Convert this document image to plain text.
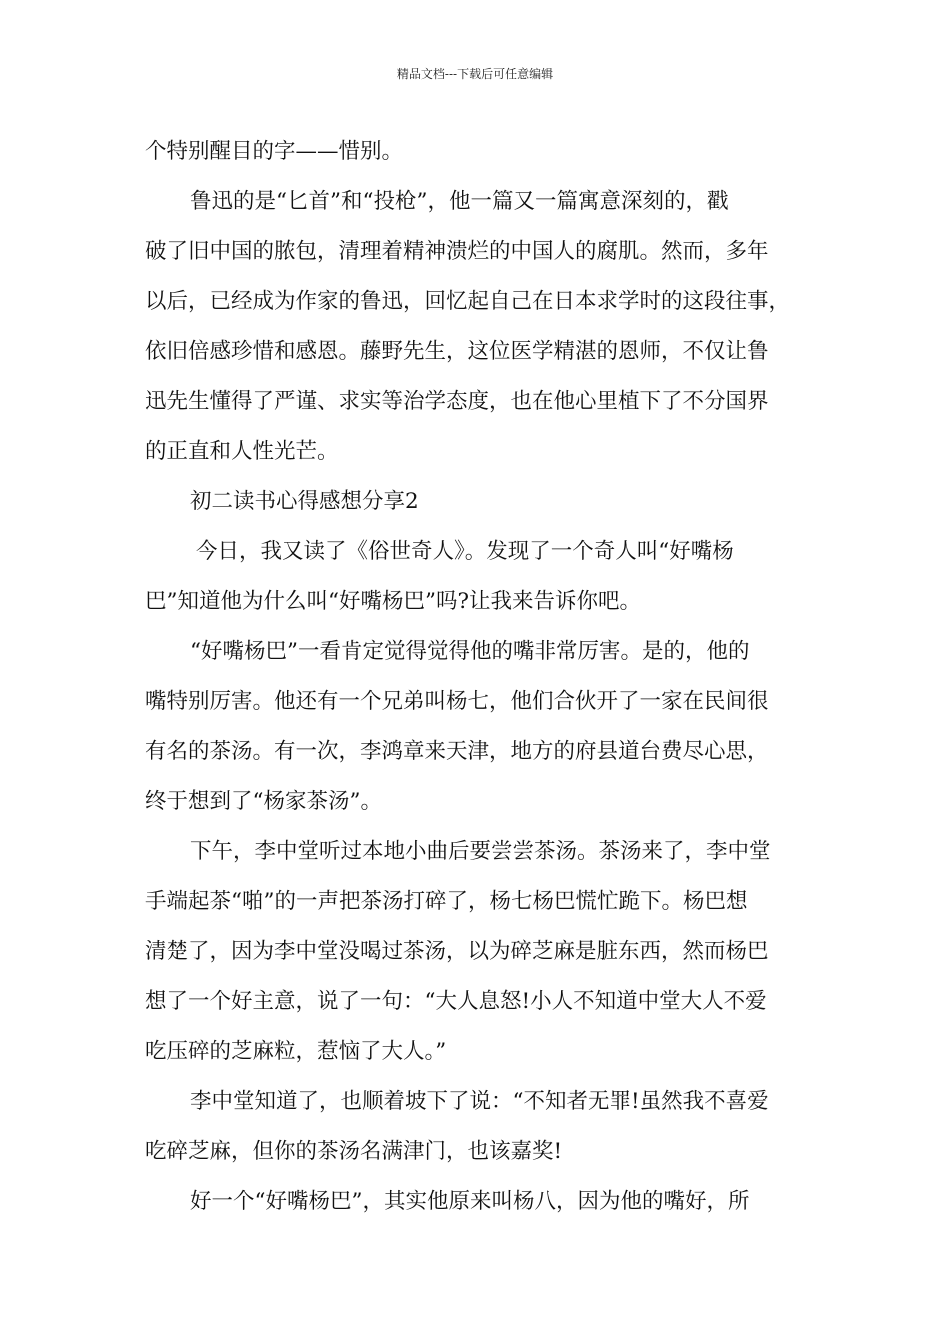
精品文档---下载后可任意编辑
个特别醒目的字——惜别。
鲁迅的是“匕首”和“投枪”，他一篇又一篇寓意深刻的，戳
破了旧中国的脓包，清理着精神溃烂的中国人的腐肌。然而，多年
以后，已经成为作家的鲁迅，回忆起自己在日本求学时的这段往事，
依旧倍感珍惜和感恩。藤野先生，这位医学精湛的恩师，不仅让鲁
迅先生懂得了严谨、求实等治学态度，也在他心里植下了不分国界
的正直和人性光芒。
初二读书心得感想分享2
今日，我又读了《俗世奇人》。发现了一个奇人叫“好嘴杨
巴”知道他为什么叫“好嘴杨巴”吗?让我来告诉你吧。
“好嘴杨巴”一看肯定觉得觉得他的嘴非常厉害。是的，他的
嘴特别厉害。他还有一个兄弟叫杨七，他们合伙开了一家在民间很
有名的茶汤。有一次，李鸿章来天津，地方的府县道台费尽心思，
终于想到了“杨家茶汤”。
下午，李中堂听过本地小曲后要尝尝茶汤。茶汤来了，李中堂
手端起茶“啪”的一声把茶汤打碎了，杨七杨巴慌忙跪下。杨巴想
清楚了，因为李中堂没喝过茶汤，以为碎芝麻是脏东西，然而杨巴
想了一个好主意，说了一句：“大人息怒!小人不知道中堂大人不爱
吃压碎的芝麻粒，惹恼了大人。”
李中堂知道了，也顺着坡下了说：“不知者无罪!虽然我不喜爱
吃碎芝麻，但你的茶汤名满津门，也该嘉奖!
好一个“好嘴杨巴”，其实他原来叫杨八，因为他的嘴好，所
